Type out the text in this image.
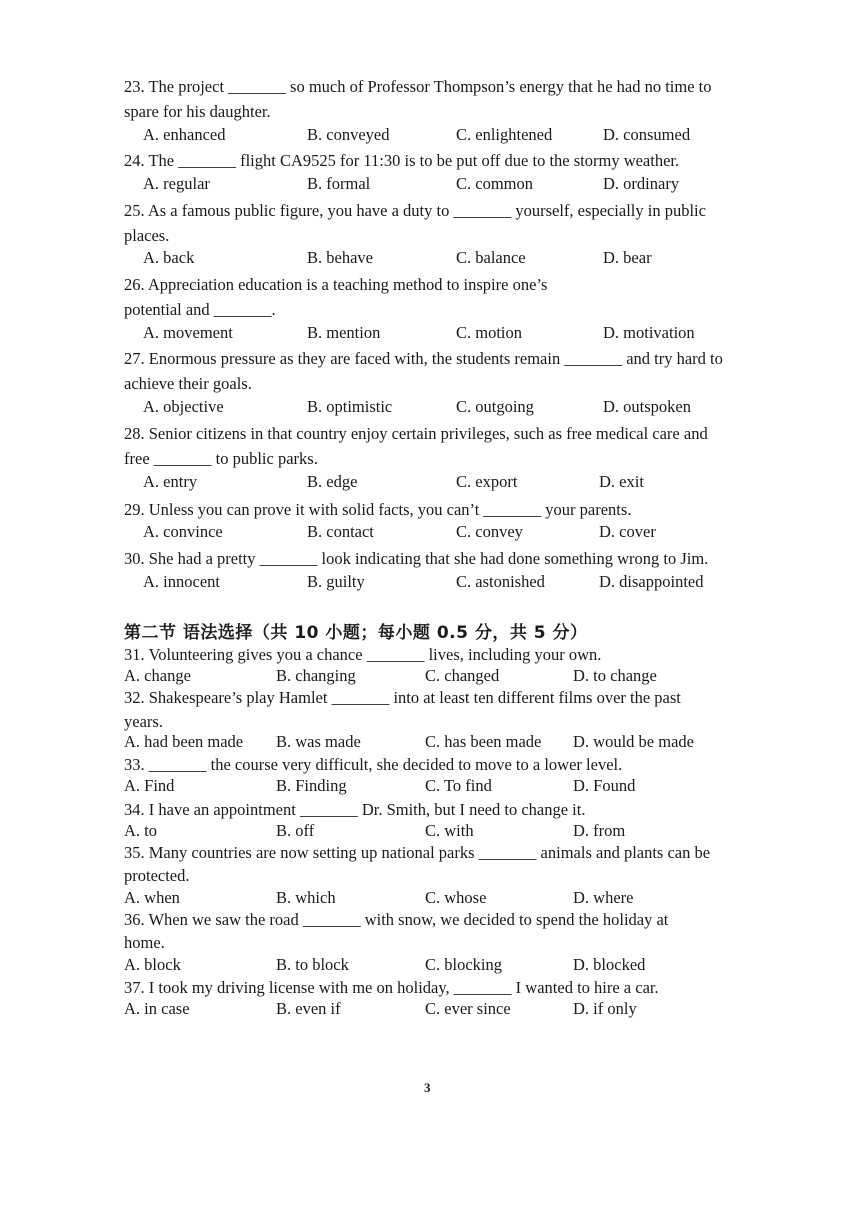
23. The project _______ so much of Professor Thompson’s energy that he had no time to spare for his daughter.
A. enhanced	B. conveyed	C. enlightened	D. consumed
24. The _______ flight CA9525 for 11:30 is to be put off due to the stormy weather.
A. regular	B. formal	C. common	D. ordinary
25. As a famous public figure, you have a duty to _______ yourself, especially in public places.
A. back	B. behave	C. balance	D. bear
26. Appreciation education is a teaching method to inspire one’s potential and _______.
A. movement	B. mention	C. motion	D. motivation
27. Enormous pressure as they are faced with, the students remain _______ and try hard to achieve their goals.
A. objective	B. optimistic	C. outgoing	D. outspoken
28. Senior citizens in that country enjoy certain privileges, such as free medical care and free _______ to public parks.
A. entry	B. edge	C. export	D. exit
29. Unless you can prove it with solid facts, you can’t _______ your parents.
A. convince	B. contact	C. convey	D. cover
30. She had a pretty _______ look indicating that she had done something wrong to Jim.
A. innocent	B. guilty	C. astonished	D. disappointed
第二节 语法选择（共 10 小题；每小题 0.5 分，共 5 分）
31. Volunteering gives you a chance _______ lives, including your own.
A. change	B. changing	C. changed	D. to change
32. Shakespeare’s play Hamlet _______ into at least ten different films over the past years.
A. had been made B. was made	C. has been made D. would be made
33. _______ the course very difficult, she decided to move to a lower level.
A. Find	B. Finding	C. To find	D. Found
34. I have an appointment _______ Dr. Smith, but I need to change it.
A. to	B. off	C. with	D. from
35. Many countries are now setting up national parks _______ animals and plants can be protected.
A. when	B. which	C. whose	D. where
36. When we saw the road _______ with snow, we decided to spend the holiday at home.
A. block	B. to block	C. blocking	D. blocked
37. I took my driving license with me on holiday, _______ I wanted to hire a car.
A. in case	B. even if	C. ever since	D. if only
3
